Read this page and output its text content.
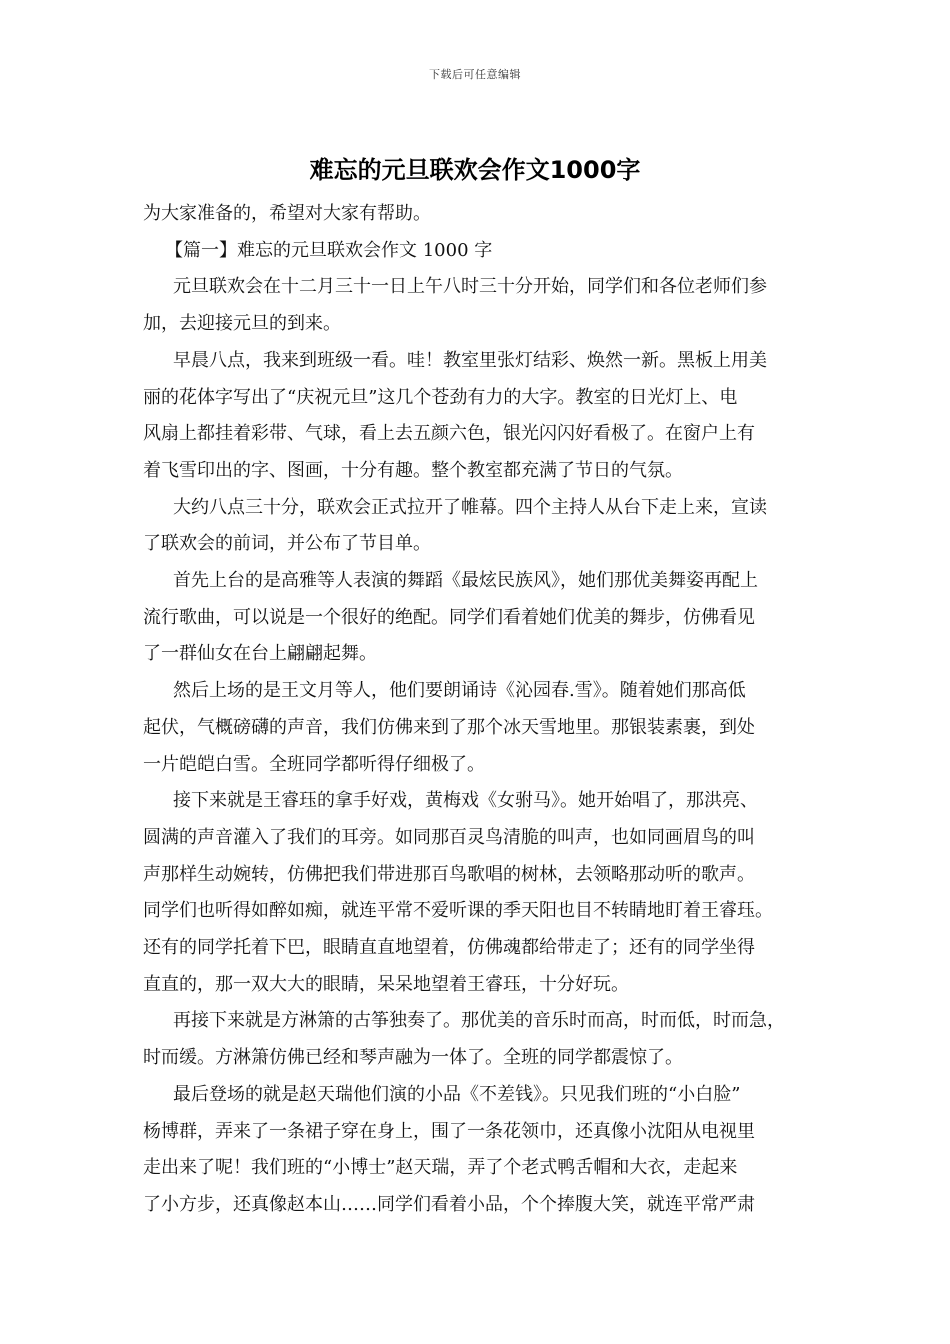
下载后可任意编辑
难忘的元旦联欢会作文1000字

为大家准备的，希望对大家有帮助。

【篇一】难忘的元旦联欢会作文 1000 字

元旦联欢会在十二月三十一日上午八时三十分开始，同学们和各位老师们参

加，去迎接元旦的到来。

早晨八点，我来到班级一看。哇！教室里张灯结彩、焕然一新。黑板上用美

丽的花体字写出了“庆祝元旦”这几个苍劲有力的大字。教室的日光灯上、电

风扇上都挂着彩带、气球，看上去五颜六色，银光闪闪好看极了。在窗户上有

着飞雪印出的字、图画，十分有趣。整个教室都充满了节日的气氛。

大约八点三十分，联欢会正式拉开了帷幕。四个主持人从台下走上来，宣读

了联欢会的前词，并公布了节目单。

首先上台的是高雅等人表演的舞蹈《最炫民族风》，她们那优美舞姿再配上

流行歌曲，可以说是一个很好的绝配。同学们看着她们优美的舞步，仿佛看见

了一群仙女在台上翩翩起舞。

然后上场的是王文月等人，他们要朗诵诗《沁园春.雪》。随着她们那高低

起伏，气概磅礴的声音，我们仿佛来到了那个冰天雪地里。那银装素裹，到处

一片皑皑白雪。全班同学都听得仔细极了。

接下来就是王睿珏的拿手好戏，黄梅戏《女驸马》。她开始唱了，那洪亮、

圆满的声音灌入了我们的耳旁。如同那百灵鸟清脆的叫声，也如同画眉鸟的叫

声那样生动婉转，仿佛把我们带进那百鸟歌唱的树林，去领略那动听的歌声。

同学们也听得如醉如痴，就连平常不爱听课的季天阳也目不转睛地盯着王睿珏。

还有的同学托着下巴，眼睛直直地望着，仿佛魂都给带走了；还有的同学坐得

直直的，那一双大大的眼睛，呆呆地望着王睿珏，十分好玩。

再接下来就是方淋箫的古筝独奏了。那优美的音乐时而高，时而低，时而急，

时而缓。方淋箫仿佛已经和琴声融为一体了。全班的同学都震惊了。

最后登场的就是赵天瑞他们演的小品《不差钱》。只见我们班的“小白脸”

杨博群，弄来了一条裙子穿在身上，围了一条花领巾，还真像小沈阳从电视里

走出来了呢！我们班的“小博士”赵天瑞，弄了个老式鸭舌帽和大衣，走起来

了小方步，还真像赵本山……同学们看着小品，个个捧腹大笑，就连平常严肃
